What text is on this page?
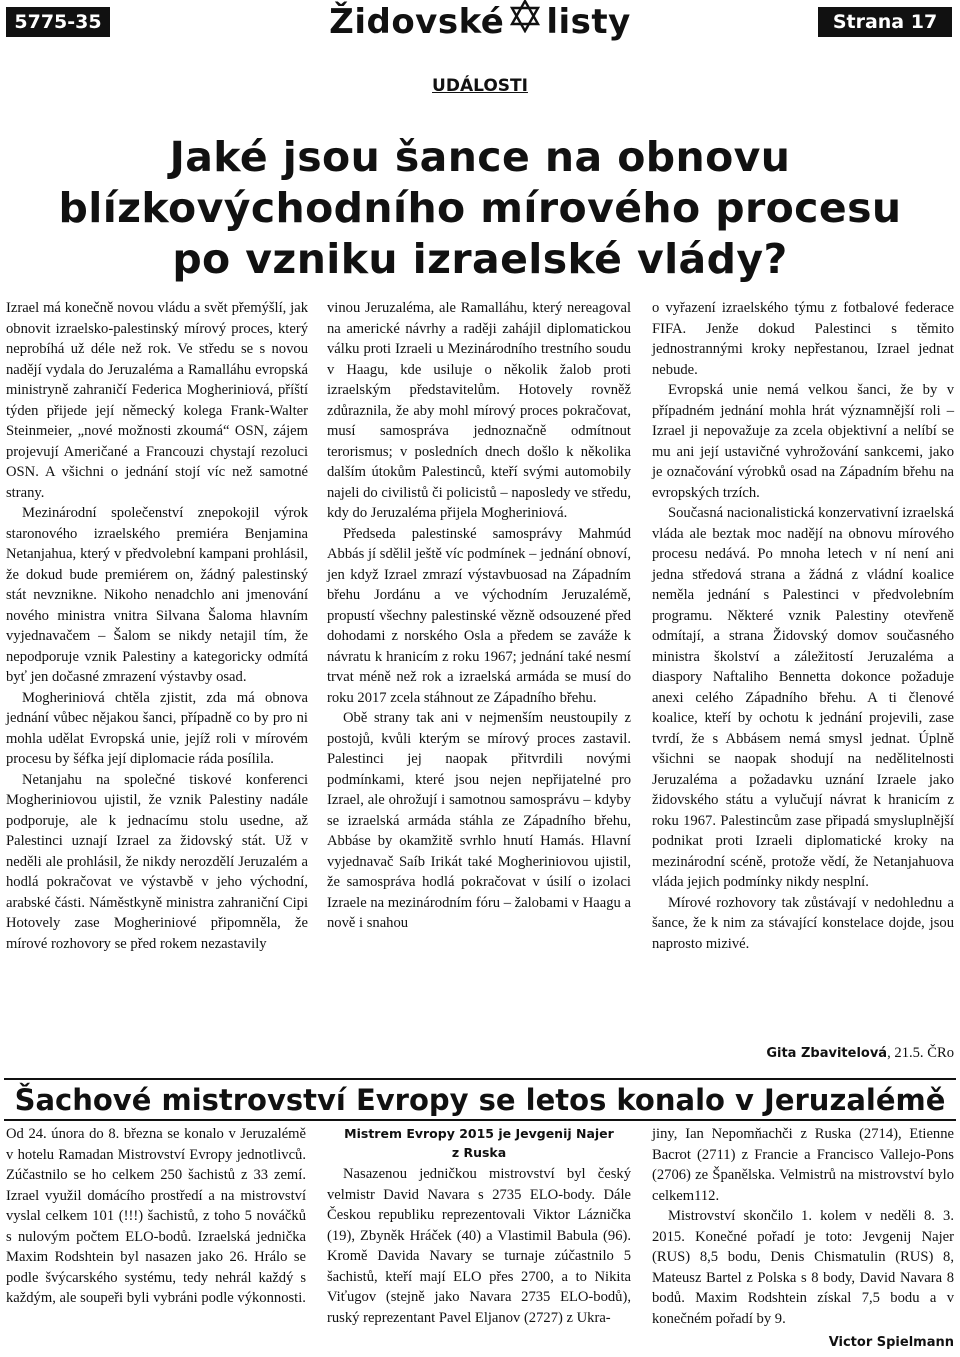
5775-35	Židovské listy	Strana 17
UDÁLOSTI
Jaké jsou šance na obnovu
blízkovýchodního mírového procesu
po vzniku izraelské vlády?

Izrael má konečně novou vládu a svět přemýšlí, jak obnovit izraelsko-palestinský mírový proces, který neprobíhá už déle než rok. Ve středu se s novou nadějí vydala do Jeruzaléma a Ramalláhu evropská ministryně zahraničí Federica Mogheriniová, příští týden přijede její německý kolega Frank-Walter Steinmeier, „nové možnosti zkoumá“ OSN, zájem projevují Američané a Francouzi chystají rezoluci OSN. A všichni o jednání stojí víc než samotné strany.

Mezinárodní společenství znepokojil výrok staronového izraelského premiéra Benjamina Netanjahua, který v předvolební kampani prohlásil, že dokud bude premiérem on, žádný palestinský stát nevznikne. Nikoho nenadchlo ani jmenování nového ministra vnitra Silvana Šaloma hlavním vyjednavačem – Šalom se nikdy netajil tím, že nepodporuje vznik Palestiny a kategoricky odmítá byť jen dočasné zmrazení výstavby osad.

Mogheriniová chtěla zjistit, zda má obnova jednání vůbec nějakou šanci, případně co by pro ni mohla udělat Evropská unie, jejíž roli v mírovém procesu by šéfka její diplomacie ráda posílila.

Netanjahu na společné tiskové konferenci Mogheriniovou ujistil, že vznik Palestiny nadále podporuje, ale k jednacímu stolu usedne, až Palestinci uznají Izrael za židovský stát. Už v neděli ale prohlásil, že nikdy nerozdělí Jeruzalém a hodlá pokračovat ve výstavbě v jeho východní, arabské části. Náměstkyně ministra zahraniční Cipi Hotovely zase Mogheriniové připomněla, že mírové rozhovory se před rokem nezastavily

vinou Jeruzaléma, ale Ramalláhu, který nereagoval na americké návrhy a raději zahájil diplomatickou válku proti Izraeli u Mezinárodního trestního soudu v Haagu, kde usiluje o několik žalob proti izraelským představitelům. Hotovely rovněž zdůraznila, že aby mohl mírový proces pokračovat, musí samospráva jednoznačně odmítnout terorismus; v posledních dnech došlo k několika dalším útokům Palestinců, kteří svými automobily najeli do civilistů či policistů – naposledy ve středu, kdy do Jeruzaléma přijela Mogheriniová.

Předseda palestinské samosprávy Mahmúd Abbás jí sdělil ještě víc podmínek – jednání obnoví, jen když Izrael zmrazí výstavbuosad na Západním břehu Jordánu a ve východním Jeruzalémě, propustí všechny palestinské vězně odsouzené před dohodami z norského Osla a předem se zaváže k návratu k hranicím z roku 1967; jednání také nesmí trvat méně než rok a izraelská armáda se musí do roku 2017 zcela stáhnout ze Západního břehu.

Obě strany tak ani v nejmenším neustoupily z postojů, kvůli kterým se mírový proces zastavil. Palestinci jej naopak přitvrdili novými podmínkami, které jsou nejen nepřijatelné pro Izrael, ale ohrožují i samotnou samosprávu – kdyby se izraelská armáda stáhla ze Západního břehu, Abbáse by okamžitě svrhlo hnutí Hamás. Hlavní vyjednavač Saíb Irikát také Mogheriniovou ujistil, že samospráva hodlá pokračovat v úsilí o izolaci Izraele na mezinárodním fóru – žalobami v Haagu a nově i snahou

o vyřazení izraelského týmu z fotbalové federace FIFA. Jenže dokud Palestinci s těmito jednostrannými kroky nepřestanou, Izrael jednat nebude.

Evropská unie nemá velkou šanci, že by v případném jednání mohla hrát významnější roli – Izrael ji nepovažuje za zcela objektivní a nelíbí se mu ani její ustavičné vyhrožování sankcemi, jako je označování výrobků osad na Západním břehu na evropských trzích.

Současná nacionalistická konzervativní izraelská vláda ale beztak moc nadějí na obnovu mírového procesu nedává. Po mnoha letech v ní není ani jedna středová strana a žádná z vládní koalice neměla jednání s Palestinci v předvolebním programu. Některé vznik Palestiny otevřeně odmítají, a strana Židovský domov současného ministra školství a záležitostí Jeruzaléma a diaspory Naftaliho Bennetta dokonce požaduje anexi celého Západního břehu. A ti členové koalice, kteří by ochotu k jednání projevili, zase tvrdí, že s Abbásem nemá smysl jednat. Úplně všichni se naopak shodují na nedělitelnosti Jeruzaléma a požadavku uznání Izraele jako židovského státu a vylučují návrat k hranicím z roku 1967. Palestincům zase připadá smysluplnější podnikat proti Izraeli diplomatické kroky na mezinárodní scéně, protože vědí, že Netanjahuova vláda jejich podmínky nikdy nesplní.

Mírové rozhovory tak zůstávají v nedohlednu a šance, že k nim za stávající konstelace dojde, jsou naprosto mizivé.

Gita Zbavitelová, 21.5. ČRo
Šachové mistrovství Evropy se letos konalo v Jeruzalémě

Od 24. února do 8. března se konalo v Jeruzalémě v hotelu Ramadan Mistrovství Evropy jednotlivců. Zúčastnilo se ho celkem 250 šachistů z 33 zemí. Izrael využil domácího prostředí a na mistrovství vyslal celkem 101 (!!!) šachistů, z toho 5 nováčků s nulovým počtem ELO-bodů. Izraelská jednička Maxim Rodshtein byl nasazen jako 26. Hrálo se podle švýcarského systému, tedy nehrál každý s každým, ale soupeři byli vybráni podle výkonnosti.

Mistrem Evropy 2015 je Jevgenij Najer
z Ruska

Nasazenou jedničkou mistrovství byl český velmistr David Navara s 2735 ELO-body. Dále Českou republiku reprezentovali Viktor Láznička (19), Zbyněk Hráček (40) a Vlastimil Babula (96). Kromě Davida Navary se turnaje zúčastnilo 5 šachistů, kteří mají ELO přes 2700, a to Nikita Viťugov (stejně jako Navara 2735 ELO-bodů), ruský reprezentant Pavel Eljanov (2727) z Ukra-

jiny, Ian Nepomňachči z Ruska (2714), Etienne Bacrot (2711) z Francie a Francisco Vallejo-Pons (2706) ze Španělska. Velmistrů na mistrovství bylo celkem112.

Mistrovství skončilo 1. kolem v neděli 8. 3. 2015. Konečné pořadí je toto: Jevgenij Najer (RUS) 8,5 bodu, Denis Chismatulin (RUS) 8, Mateusz Bartel z Polska s 8 body, David Navara 8 bodů. Maxim Rodshtein získal 7,5 bodu a v konečném pořadí by 9.

Victor Spielmann
